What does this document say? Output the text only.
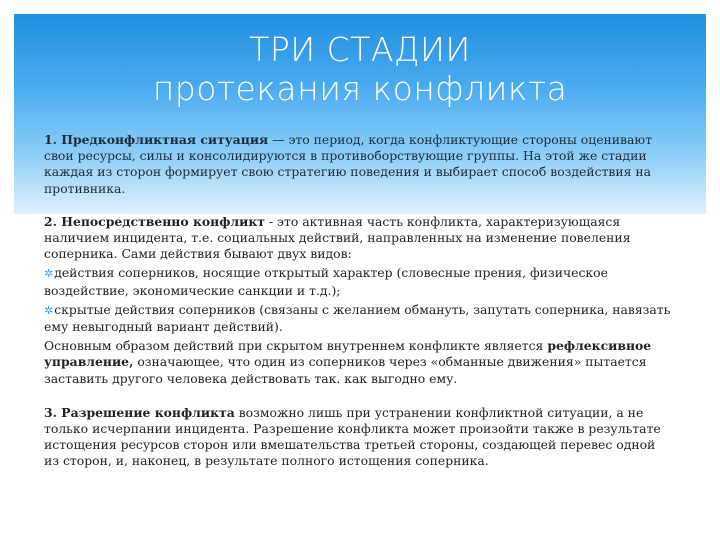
ТРИ СТАДИИ
протекания конфликта

1. Предконфликтная ситуация — это период, когда конфликтующие стороны оценивают свои ресурсы, силы и консолидируются в противоборствующие группы. На этой же стадии каждая из сторон формирует свою стратегию поведения и выбирает способ воздействия на противника.

2. Непосредственно конфликт - это активная часть конфликта, характеризующаяся наличием инцидента, т.е. социальных действий, направленных на изменение повеления соперника. Сами действия бывают двух видов:

✲действия соперников, носящие открытый характер (словесные прения, физическое воздействие, экономические санкции и т.д.);

✲скрытые действия соперников (связаны с желанием обмануть, запутать соперника, навязать ему невыгодный вариант действий).

Основным образом действий при скрытом внутреннем конфликте является рефлексивное управление, означающее, что один из соперников через «обманные движения» пытается заставить другого человека действовать так. как выгодно ему.

3. Разрешение конфликта возможно лишь при устранении конфликтной ситуации, а не только исчерпании инцидента. Разрешение конфликта может произойти также в результате истощения ресурсов сторон или вмешательства третьей стороны, создающей перевес одной из сторон, и, наконец, в результате полного истощения соперника.
